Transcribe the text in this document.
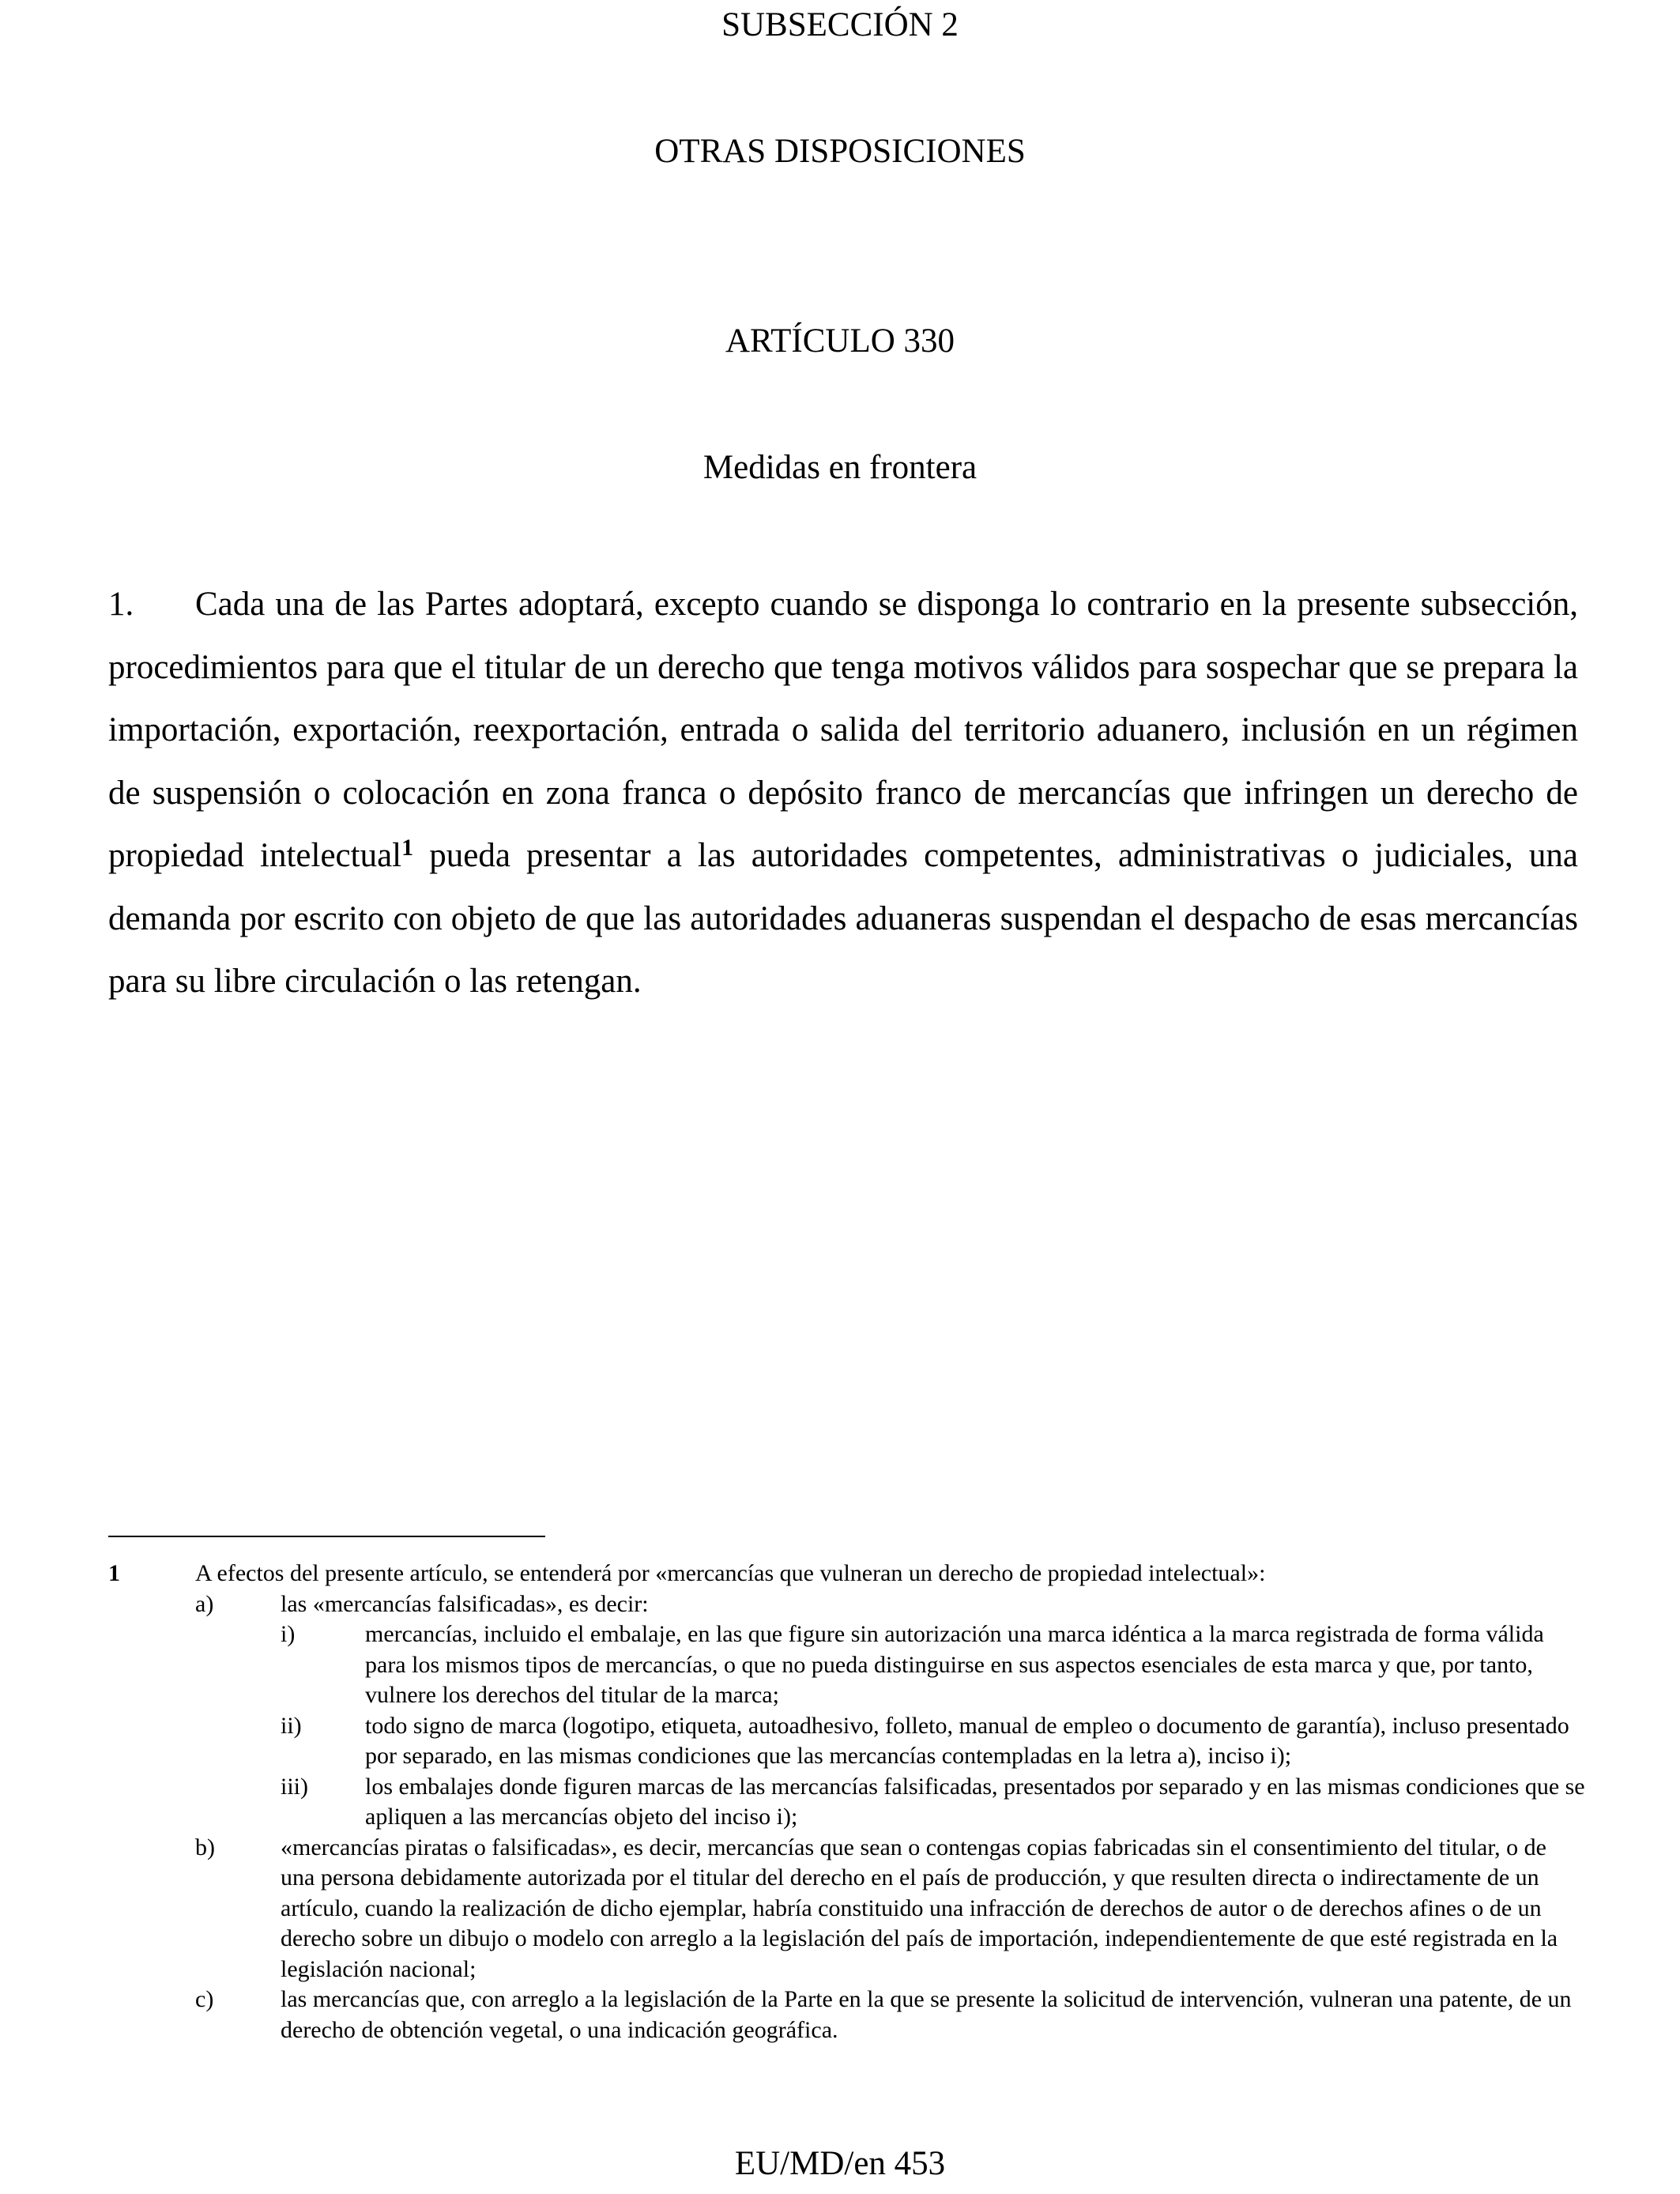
SUBSECCIÓN 2

OTRAS DISPOSICIONES

ARTÍCULO 330

Medidas en frontera

1. Cada una de las Partes adoptará, excepto cuando se disponga lo contrario en la presente subsección, procedimientos para que el titular de un derecho que tenga motivos válidos para sospechar que se prepara la importación, exportación, reexportación, entrada o salida del territorio aduanero, inclusión en un régimen de suspensión o colocación en zona franca o depósito franco de mercancías que infringen un derecho de propiedad intelectual$^1$ pueda presentar a las autoridades competentes, administrativas o judiciales, una demanda por escrito con objeto de que las autoridades aduaneras suspendan el despacho de esas mercancías para su libre circulación o las retengan.

1	A efectos del presente artículo, se entenderá por «mercancías que vulneran un derecho de propiedad intelectual»:
a)	las «mercancías falsificadas», es decir:
i)	mercancías, incluido el embalaje, en las que figure sin autorización una marca idéntica a la marca registrada de forma válida para los mismos tipos de mercancías, o que no pueda distinguirse en sus aspectos esenciales de esta marca y que, por tanto, vulnere los derechos del titular de la marca;
ii)	todo signo de marca (logotipo, etiqueta, autoadhesivo, folleto, manual de empleo o documento de garantía), incluso presentado por separado, en las mismas condiciones que las mercancías contempladas en la letra a), inciso i);
iii)	los embalajes donde figuren marcas de las mercancías falsificadas, presentados por separado y en las mismas condiciones que se apliquen a las mercancías objeto del inciso i);
b)	«mercancías piratas o falsificadas», es decir, mercancías que sean o contengas copias fabricadas sin el consentimiento del titular, o de una persona debidamente autorizada por el titular del derecho en el país de producción, y que resulten directa o indirectamente de un artículo, cuando la realización de dicho ejemplar, habría constituido una infracción de derechos de autor o de derechos afines o de un derecho sobre un dibujo o modelo con arreglo a la legislación del país de importación, independientemente de que esté registrada en la legislación nacional;
c)	las mercancías que, con arreglo a la legislación de la Parte en la que se presente la solicitud de intervención, vulneran una patente, de un derecho de obtención vegetal, o una indicación geográfica.

EU/MD/en 453
